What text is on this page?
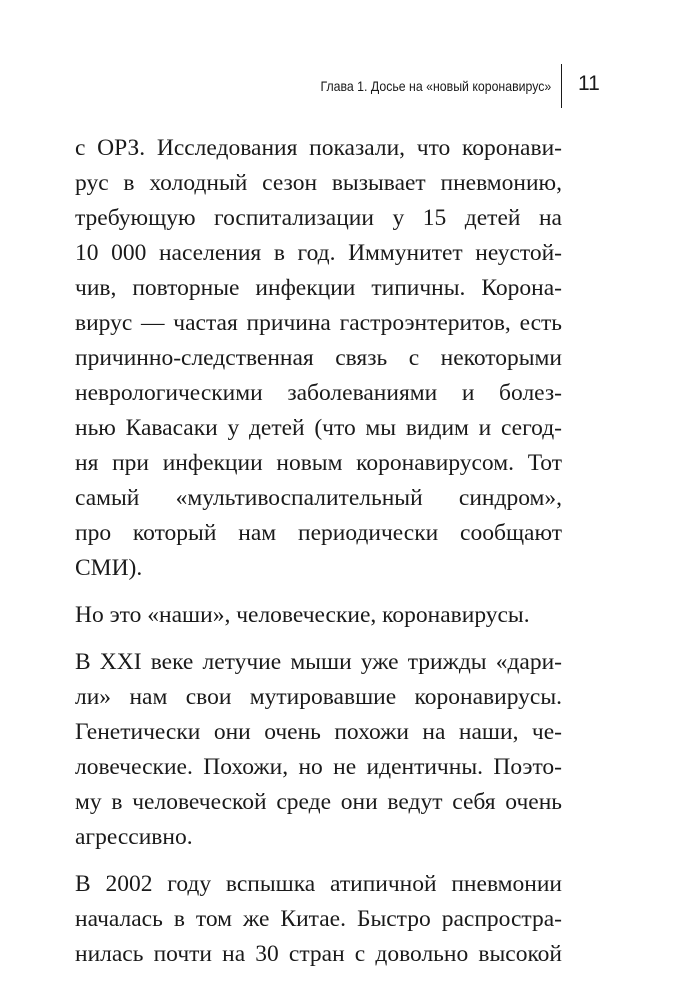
Глава 1. Досье на «новый коронавирус» 11

с ОРЗ. Исследования показали, что коронави-
рус в холодный сезон вызывает пневмонию,
требующую госпитализации у 15 детей на
10 000 населения в год. Иммунитет неустой-
чив, повторные инфекции типичны. Корона-
вирус — частая причина гастроэнтеритов, есть
причинно-следственная связь с некоторыми
неврологическими заболеваниями и болез-
нью Кавасаки у детей (что мы видим и сегод-
ня при инфекции новым коронавирусом. Тот
самый «мультивоспалительный синдром»,
про который нам периодически сообщают
СМИ).

Но это «наши», человеческие, коронавирусы.

В XXI веке летучие мыши уже трижды «дари-
ли» нам свои мутировавшие коронавирусы.
Генетически они очень похожи на наши, че-
ловеческие. Похожи, но не идентичны. Поэто-
му в человеческой среде они ведут себя очень
агрессивно.

В 2002 году вспышка атипичной пневмонии
началась в том же Китае. Быстро распростра-
нилась почти на 30 стран с довольно высокой
